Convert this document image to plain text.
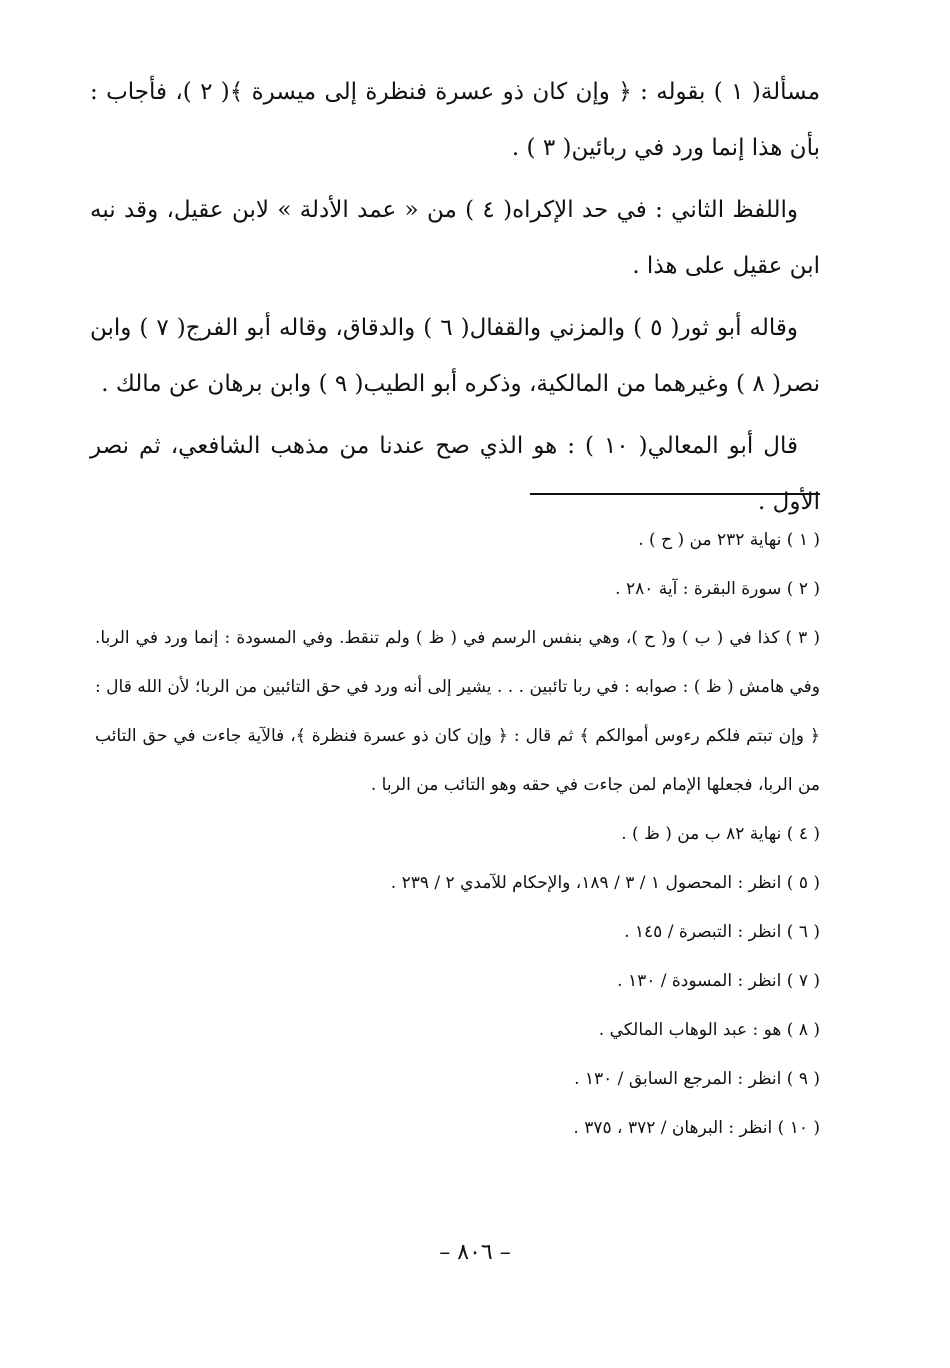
مسألة( ١ ) بقوله : ﴿ وإن كان ذو عسرة فنظرة إلى ميسرة ﴾( ٢ )، فأجاب : بأن هذا إنما ورد في ربائين( ٣ ) .

واللفظ الثاني : في حد الإكراه( ٤ ) من « عمد الأدلة » لابن عقيل، وقد نبه ابن عقيل على هذا .

وقاله أبو ثور( ٥ ) والمزني والقفال( ٦ ) والدقاق، وقاله أبو الفرج( ٧ ) وابن نصر( ٨ ) وغيرهما من المالكية، وذكره أبو الطيب( ٩ ) وابن برهان عن مالك .

قال أبو المعالي( ١٠ ) : هو الذي صح عندنا من مذهب الشافعي، ثم نصر الأول .

( ١ ) نهاية ٢٣٢ من ( ح ) .

( ٢ ) سورة البقرة : آية ٢٨٠ .

( ٣ ) كذا في ( ب ) و( ح )، وهي بنفس الرسم في ( ظ ) ولم تنقط. وفي المسودة : إنما ورد في الربا. وفي هامش ( ظ ) : صوابه : في ربا تائبين . . . يشير إلى أنه ورد في حق التائبين من الربا؛ لأن الله قال : ﴿ وإن تبتم فلكم رءوس أموالكم ﴾ ثم قال : ﴿ وإن كان ذو عسرة فنظرة ﴾، فالآية جاءت في حق التائب من الربا، فجعلها الإمام لمن جاءت في حقه وهو التائب من الربا .

( ٤ ) نهاية ٨٢ ب من ( ظ ) .

( ٥ ) انظر : المحصول ١ / ٣ / ١٨٩، والإحكام للآمدي ٢ / ٢٣٩ .

( ٦ ) انظر : التبصرة / ١٤٥ .

( ٧ ) انظر : المسودة / ١٣٠ .

( ٨ ) هو : عبد الوهاب المالكي .

( ٩ ) انظر : المرجع السابق / ١٣٠ .

( ١٠ ) انظر : البرهان / ٣٧٢ ، ٣٧٥ .

– ٨٠٦ –
